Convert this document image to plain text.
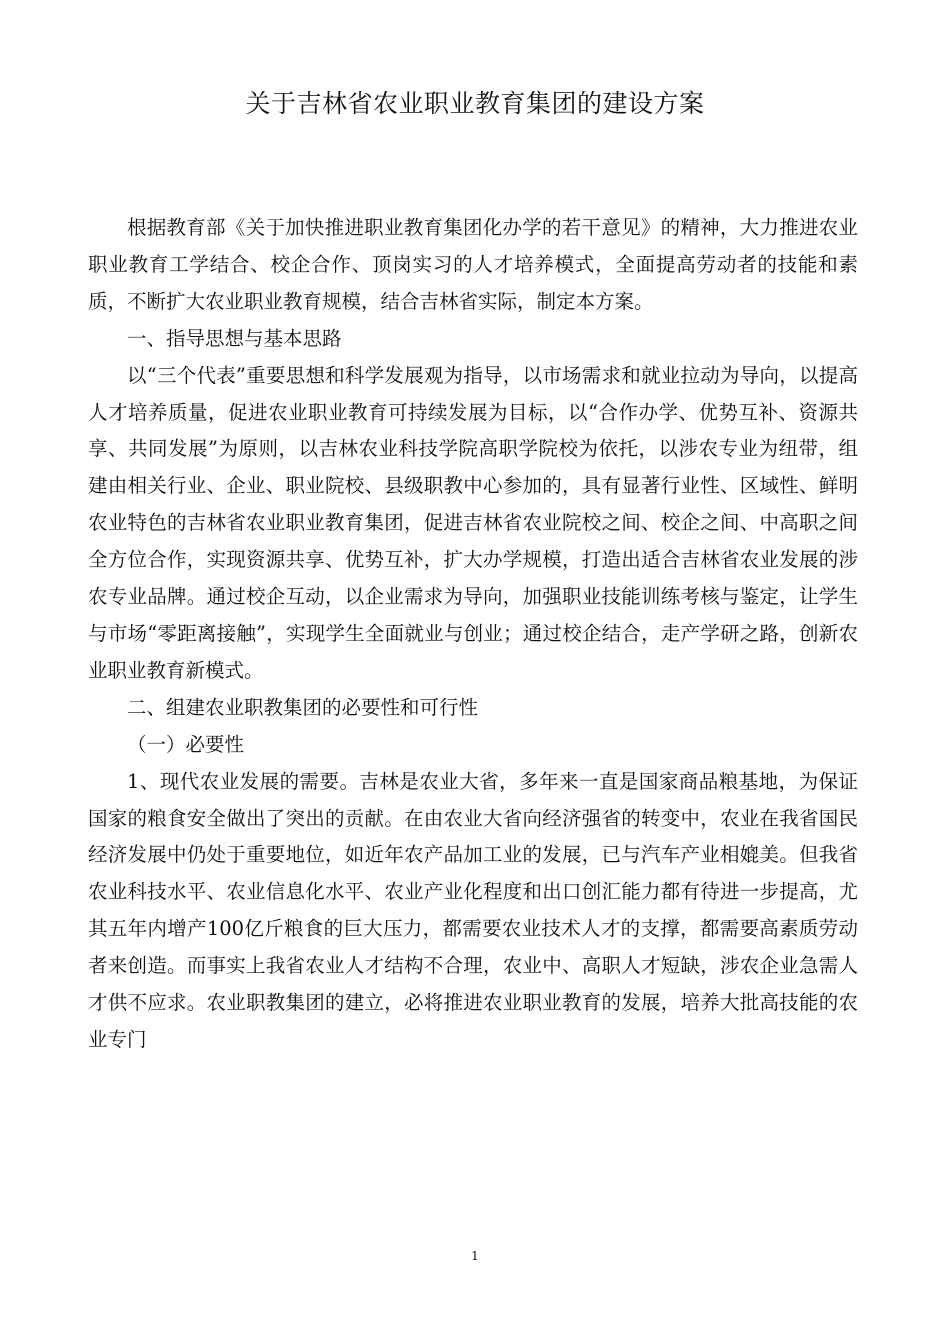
关于吉林省农业职业教育集团的建设方案

根据教育部《关于加快推进职业教育集团化办学的若干意见》的精神，大力推进农业职业教育工学结合、校企合作、顶岗实习的人才培养模式，全面提高劳动者的技能和素质，不断扩大农业职业教育规模，结合吉林省实际，制定本方案。

一、指导思想与基本思路

以“三个代表”重要思想和科学发展观为指导，以市场需求和就业拉动为导向，以提高人才培养质量，促进农业职业教育可持续发展为目标，以“合作办学、优势互补、资源共享、共同发展”为原则，以吉林农业科技学院高职学院校为依托，以涉农专业为纽带，组建由相关行业、企业、职业院校、县级职教中心参加的，具有显著行业性、区域性、鲜明农业特色的吉林省农业职业教育集团，促进吉林省农业院校之间、校企之间、中高职之间全方位合作，实现资源共享、优势互补，扩大办学规模，打造出适合吉林省农业发展的涉农专业品牌。通过校企互动，以企业需求为导向，加强职业技能训练考核与鉴定，让学生与市场“零距离接触”，实现学生全面就业与创业；通过校企结合，走产学研之路，创新农业职业教育新模式。

二、组建农业职教集团的必要性和可行性

（一）必要性

1、现代农业发展的需要。吉林是农业大省，多年来一直是国家商品粮基地，为保证国家的粮食安全做出了突出的贡献。在由农业大省向经济强省的转变中，农业在我省国民经济发展中仍处于重要地位，如近年农产品加工业的发展，已与汽车产业相媲美。但我省农业科技水平、农业信息化水平、农业产业化程度和出口创汇能力都有待进一步提高，尤其五年内增产100亿斤粮食的巨大压力，都需要农业技术人才的支撑，都需要高素质劳动者来创造。而事实上我省农业人才结构不合理，农业中、高职人才短缺，涉农企业急需人才供不应求。农业职教集团的建立，必将推进农业职业教育的发展，培养大批高技能的农业专门

1
